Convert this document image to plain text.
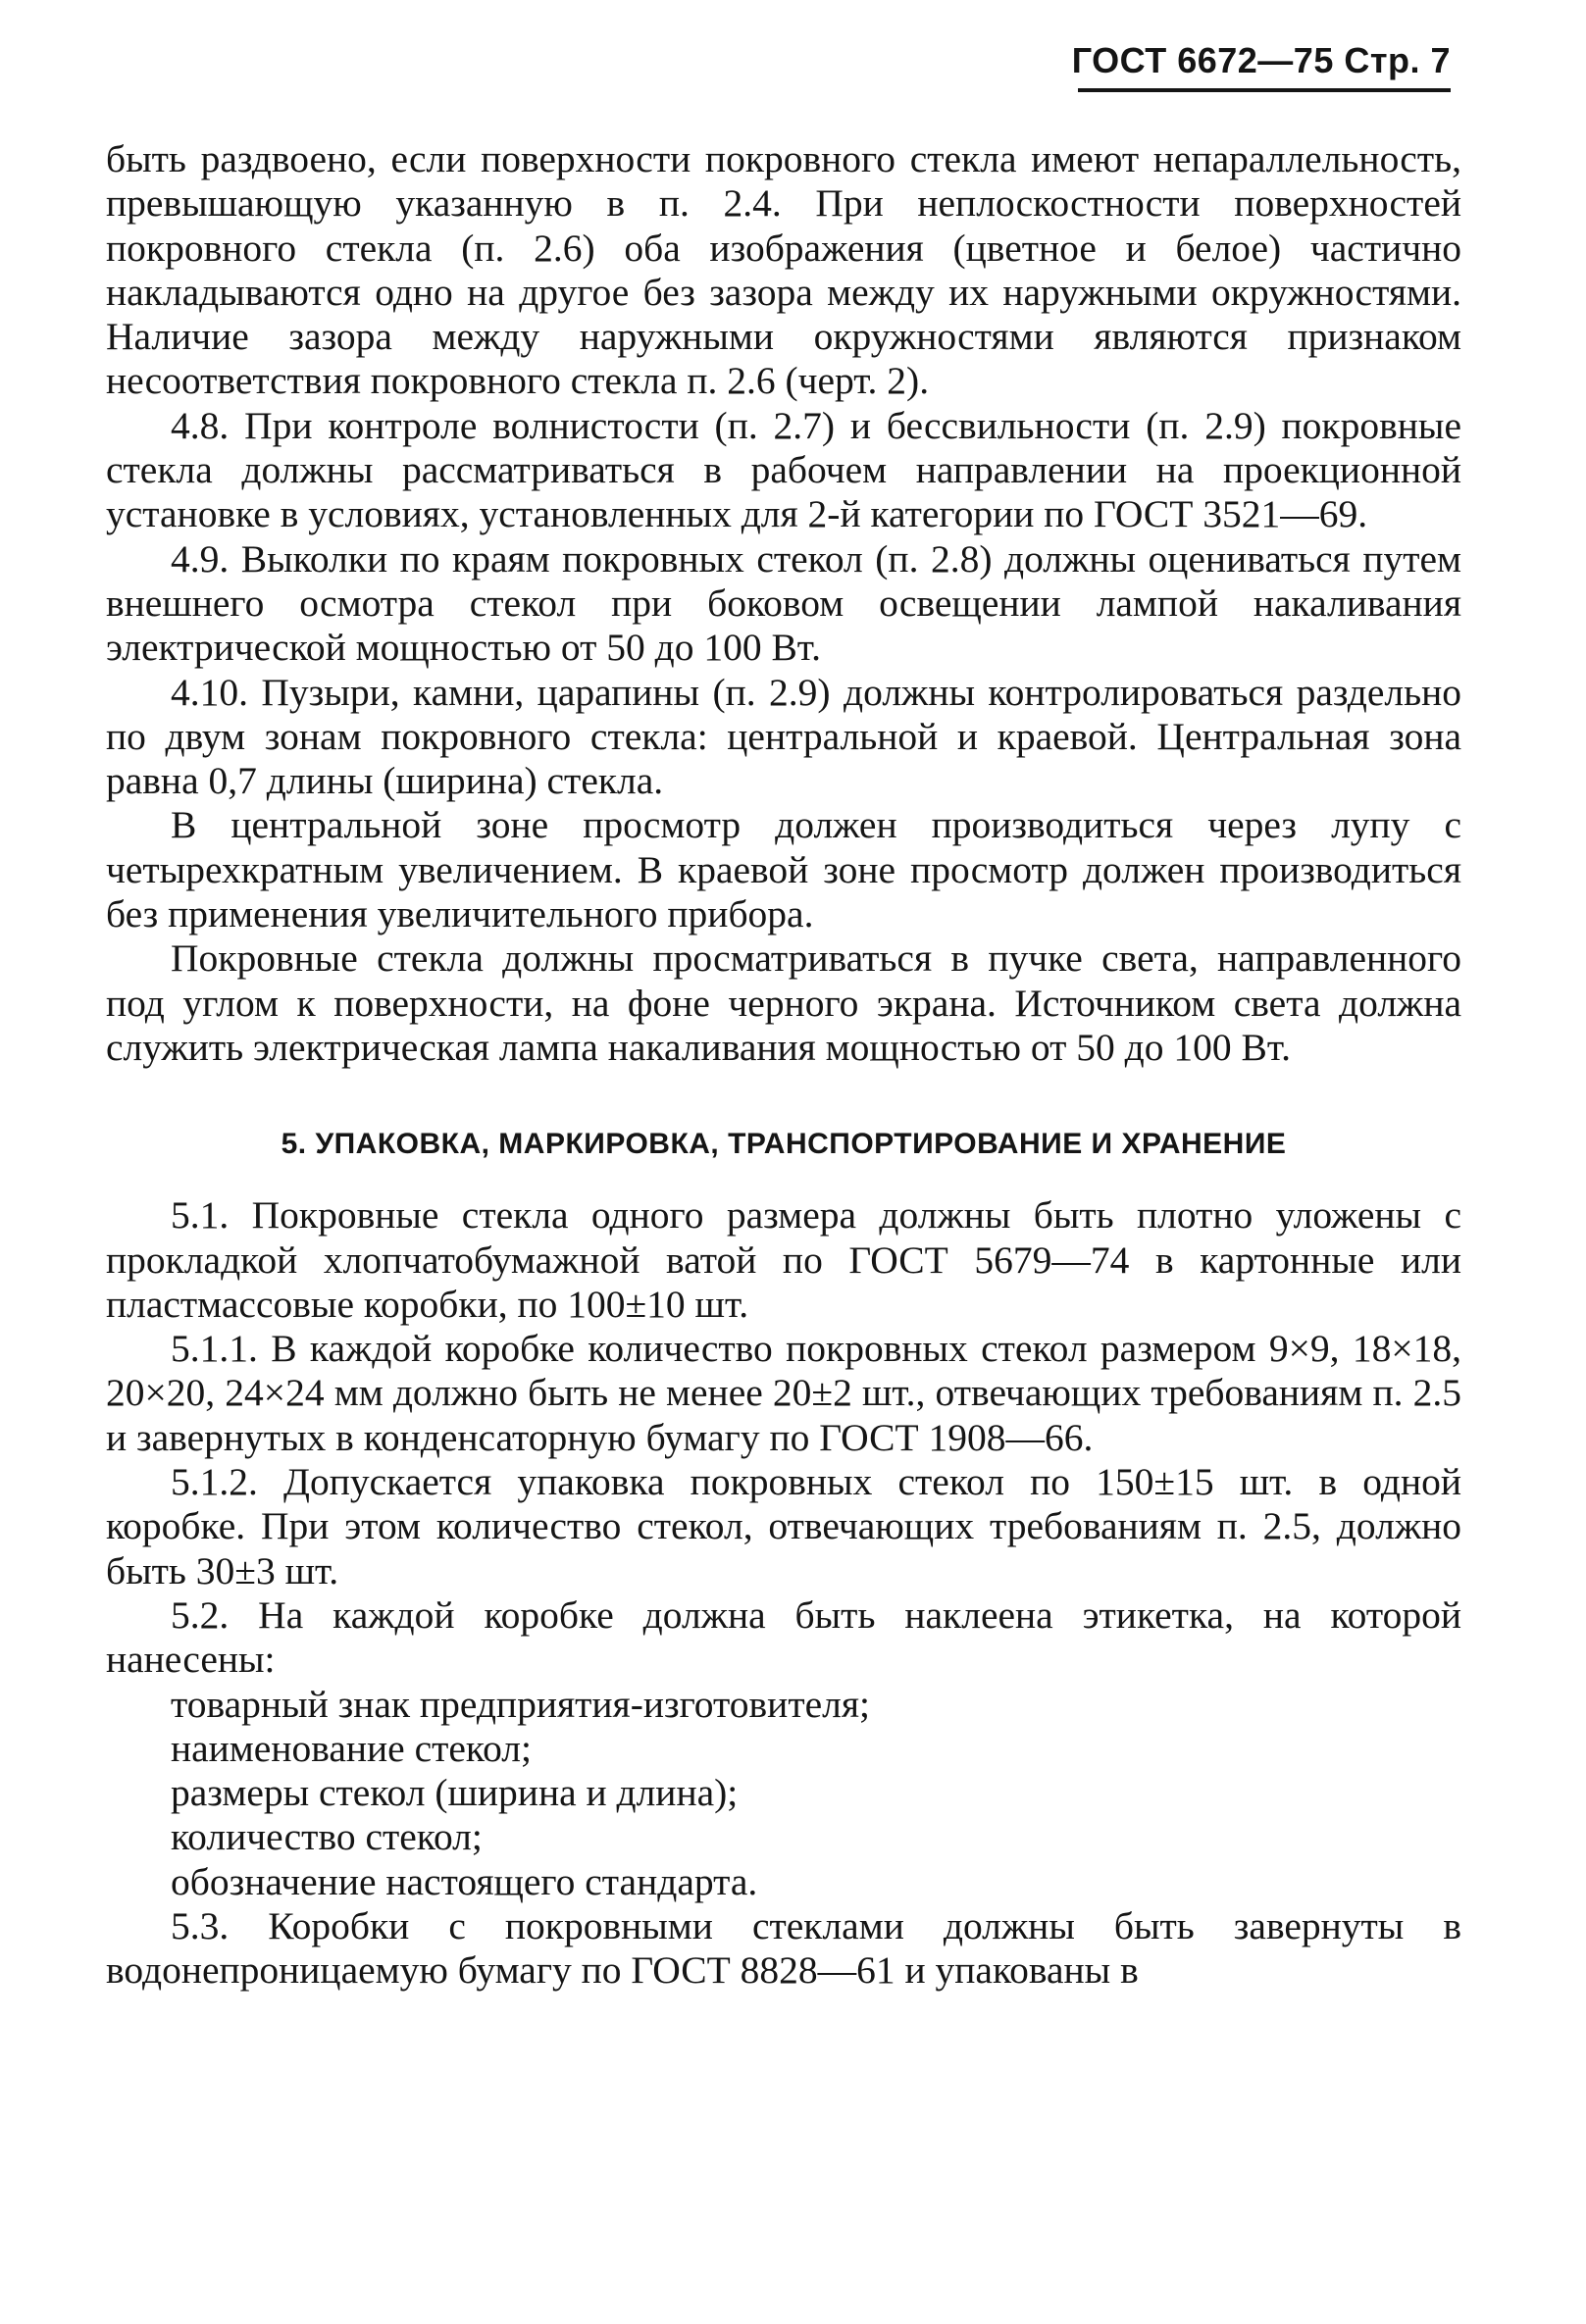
ГОСТ 6672—75 Стр. 7

быть раздвоено, если поверхности покровного стекла имеют непараллельность, превышающую указанную в п. 2.4. При неплоскостности поверхностей покровного стекла (п. 2.6) оба изображения (цветное и белое) частично накладываются одно на другое без зазора между их наружными окружностями. Наличие зазора между наружными окружностями являются признаком несоответствия покровного стекла п. 2.6 (черт. 2).

4.8. При контроле волнистости (п. 2.7) и бессвильности (п. 2.9) покровные стекла должны рассматриваться в рабочем направлении на проекционной установке в условиях, установленных для 2-й категории по ГОСТ 3521—69.

4.9. Выколки по краям покровных стекол (п. 2.8) должны оцениваться путем внешнего осмотра стекол при боковом освещении лампой накаливания электрической мощностью от 50 до 100 Вт.

4.10. Пузыри, камни, царапины (п. 2.9) должны контролироваться раздельно по двум зонам покровного стекла: центральной и краевой. Центральная зона равна 0,7 длины (ширина) стекла.

В центральной зоне просмотр должен производиться через лупу с четырехкратным увеличением. В краевой зоне просмотр должен производиться без применения увеличительного прибора.

Покровные стекла должны просматриваться в пучке света, направленного под углом к поверхности, на фоне черного экрана. Источником света должна служить электрическая лампа накаливания мощностью от 50 до 100 Вт.

5. УПАКОВКА, МАРКИРОВКА, ТРАНСПОРТИРОВАНИЕ И ХРАНЕНИЕ

5.1. Покровные стекла одного размера должны быть плотно уложены с прокладкой хлопчатобумажной ватой по ГОСТ 5679—74 в картонные или пластмассовые коробки, по 100±10 шт.

5.1.1. В каждой коробке количество покровных стекол размером 9×9, 18×18, 20×20, 24×24 мм должно быть не менее 20±2 шт., отвечающих требованиям п. 2.5 и завернутых в конденсаторную бумагу по ГОСТ 1908—66.

5.1.2. Допускается упаковка покровных стекол по 150±15 шт. в одной коробке. При этом количество стекол, отвечающих требованиям п. 2.5, должно быть 30±3 шт.

5.2. На каждой коробке должна быть наклеена этикетка, на которой нанесены:

товарный знак предприятия-изготовителя;

наименование стекол;

размеры стекол (ширина и длина);

количество стекол;

обозначение настоящего стандарта.

5.3. Коробки с покровными стеклами должны быть завернуты в водонепроницаемую бумагу по ГОСТ 8828—61 и упакованы в
